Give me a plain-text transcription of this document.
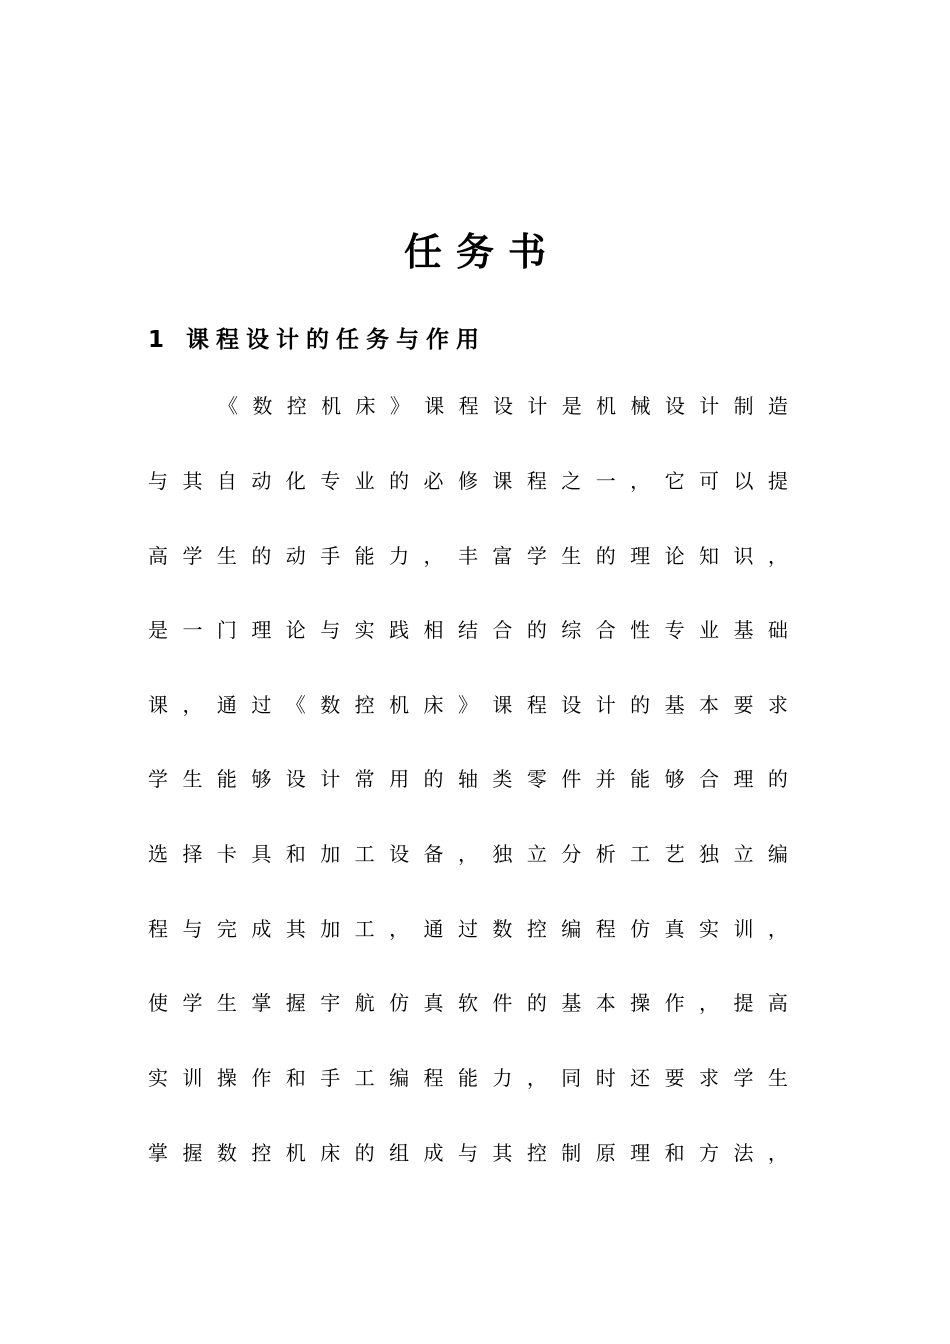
任务书
1 课程设计的任务与作用
《 数 控 机 床 》 课 程 设 计 是 机 械 设 计 制 造
与 其 自 动 化 专 业 的 必 修 课 程 之 一 ， 它 可 以 提
高 学 生 的 动 手 能 力 ， 丰 富 学 生 的 理 论 知 识 ，
是 一 门 理 论 与 实 践 相 结 合 的 综 合 性 专 业 基 础
课 ， 通 过 《 数 控 机 床 》 课 程 设 计 的 基 本 要 求
学 生 能 够 设 计 常 用 的 轴 类 零 件 并 能 够 合 理 的
选 择 卡 具 和 加 工 设 备 ， 独 立 分 析 工 艺 独 立 编
程 与 完 成 其 加 工 ， 通 过 数 控 编 程 仿 真 实 训 ，
使 学 生 掌 握 宇 航 仿 真 软 件 的 基 本 操 作 ， 提 高
实 训 操 作 和 手 工 编 程 能 力 ， 同 时 还 要 求 学 生
掌 握 数 控 机 床 的 组 成 与 其 控 制 原 理 和 方 法 ，
